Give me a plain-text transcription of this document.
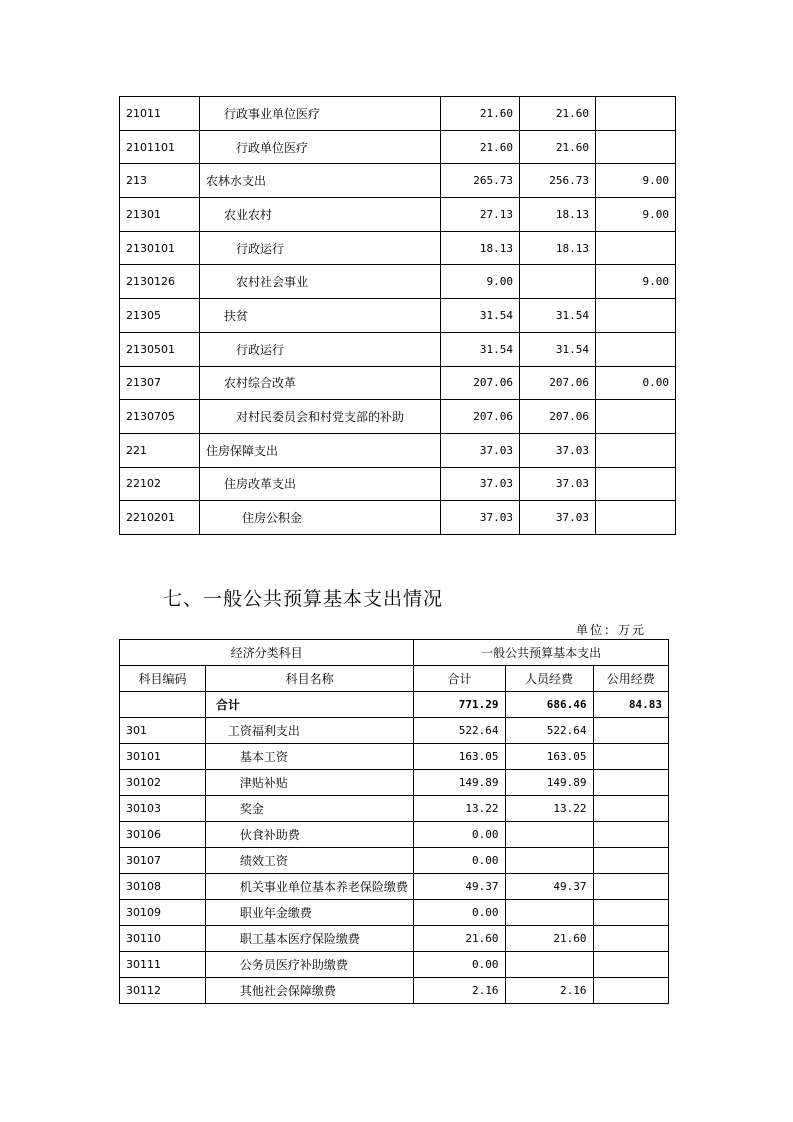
21011	行政事业单位医疗	21.60	21.60	
2101101	行政单位医疗	21.60	21.60	
213	农林水支出	265.73	256.73	9.00
21301	农业农村	27.13	18.13	9.00
2130101	行政运行	18.13	18.13	
2130126	农村社会事业	9.00		9.00
21305	扶贫	31.54	31.54	
2130501	行政运行	31.54	31.54	
21307	农村综合改革	207.06	207.06	0.00
2130705	对村民委员会和村党支部的补助	207.06	207.06	
221	住房保障支出	37.03	37.03	
22102	住房改革支出	37.03	37.03	
2210201	住房公积金	37.03	37.03	
七、一般公共预算基本支出情况
单位：万元
经济分类科目		一般公共预算基本支出		
科目编码	科目名称	合计	人员经费	公用经费
	合计	771.29	686.46	84.83
301	工资福利支出	522.64	522.64	
30101	基本工资	163.05	163.05	
30102	津贴补贴	149.89	149.89	
30103	奖金	13.22	13.22	
30106	伙食补助费	0.00		
30107	绩效工资	0.00		
30108	机关事业单位基本养老保险缴费	49.37	49.37	
30109	职业年金缴费	0.00		
30110	职工基本医疗保险缴费	21.60	21.60	
30111	公务员医疗补助缴费	0.00		
30112	其他社会保障缴费	2.16	2.16	
